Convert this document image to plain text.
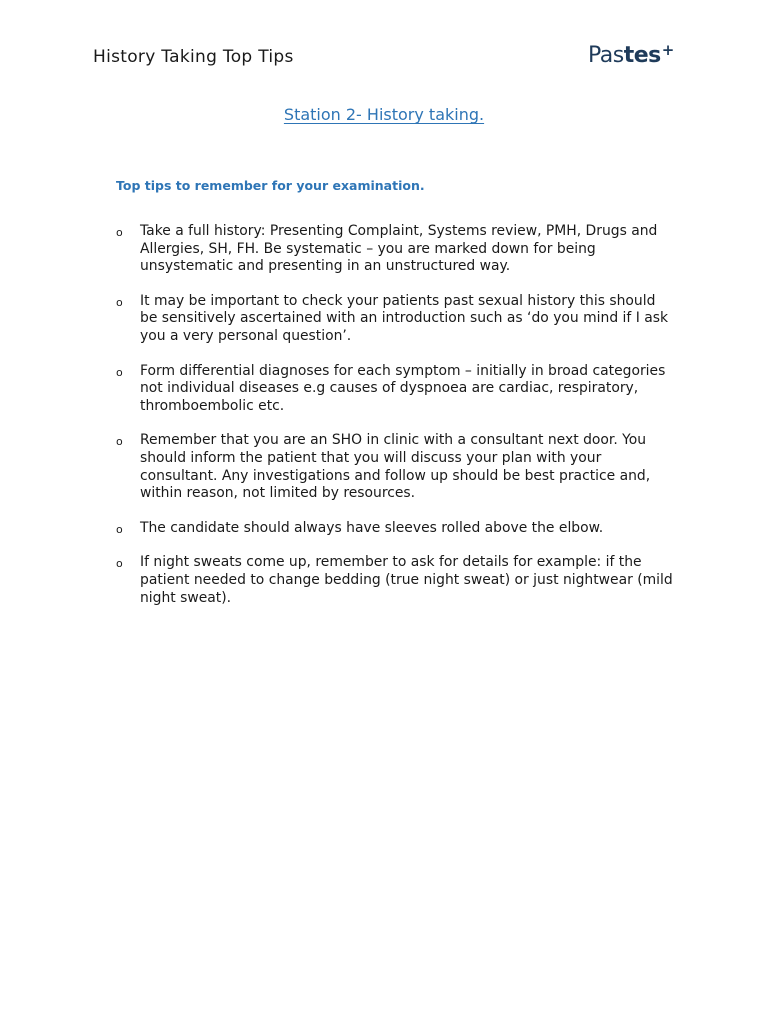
History Taking Top Tips	Pastes+
Station 2- History taking.
Top tips to remember for your examination.
o Take a full history: Presenting Complaint, Systems review, PMH, Drugs and Allergies, SH, FH. Be systematic – you are marked down for being unsystematic and presenting in an unstructured way.
o It may be important to check your patients past sexual history this should be sensitively ascertained with an introduction such as ‘do you mind if I ask you a very personal question’.
o Form differential diagnoses for each symptom – initially in broad categories not individual diseases e.g causes of dyspnoea are cardiac, respiratory, thromboembolic etc.
o Remember that you are an SHO in clinic with a consultant next door. You should inform the patient that you will discuss your plan with your consultant. Any investigations and follow up should be best practice and, within reason, not limited by resources.
o The candidate should always have sleeves rolled above the elbow.
o If night sweats come up, remember to ask for details for example: if the patient needed to change bedding (true night sweat) or just nightwear (mild night sweat).
